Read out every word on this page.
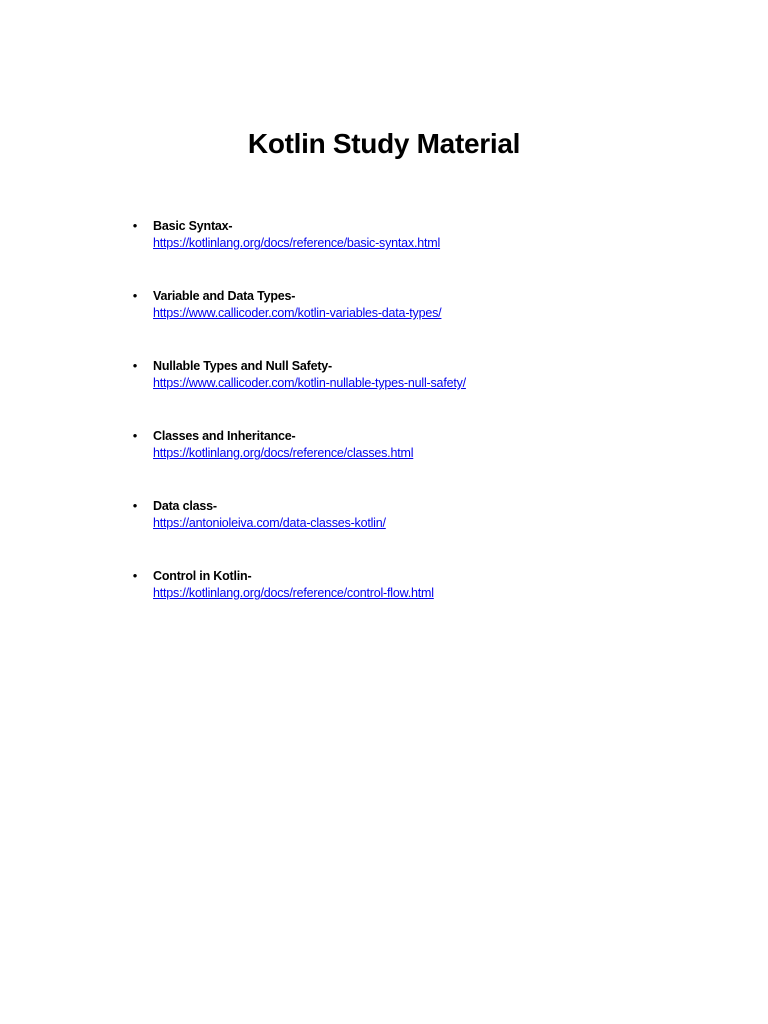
Kotlin Study Material
•	Basic Syntax-
https://kotlinlang.org/docs/reference/basic-syntax.html
•	Variable and Data Types-
https://www.callicoder.com/kotlin-variables-data-types/
•	Nullable Types and Null Safety-
https://www.callicoder.com/kotlin-nullable-types-null-safety/
•	Classes and Inheritance-
https://kotlinlang.org/docs/reference/classes.html
•	Data class-
https://antonioleiva.com/data-classes-kotlin/
•	Control in Kotlin-
https://kotlinlang.org/docs/reference/control-flow.html
